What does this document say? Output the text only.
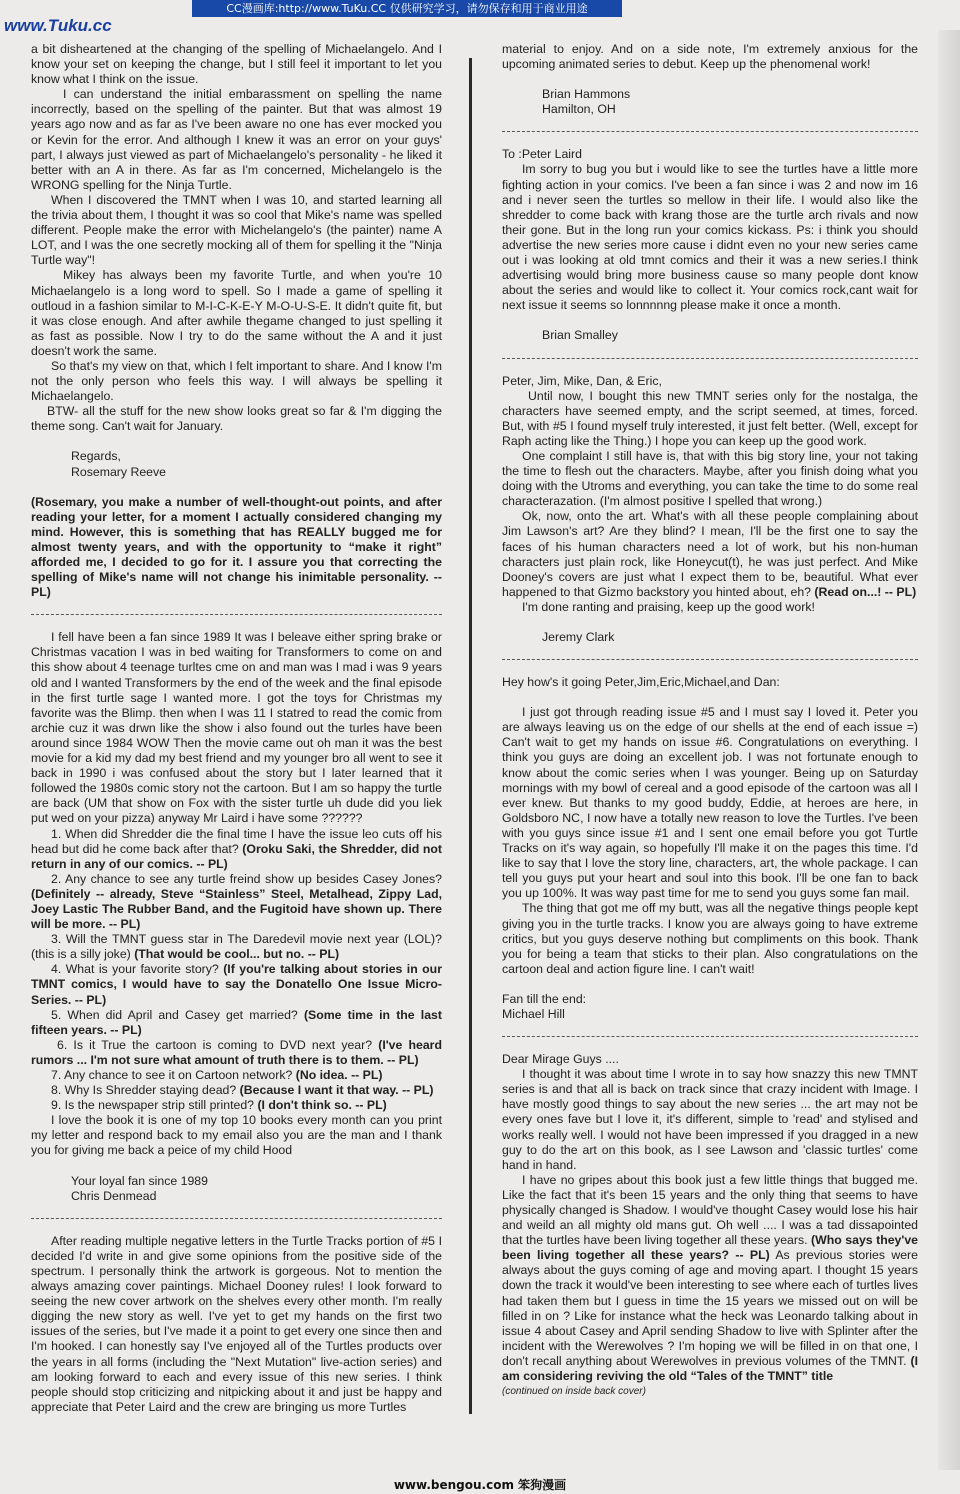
CC漫画库:http://www.TuKu.CC 仅供研究学习，请勿保存和用于商业用途
www.Tuku.cc

a bit disheartened at the changing of the spelling of Michaelangelo. And I know your set on keeping the change, but I still feel it important to let you know what I think on the issue.

I can understand the initial embarassment on spelling the name incorrectly, based on the spelling of the painter. But that was almost 19 years ago now and as far as I've been aware no one has ever mocked you or Kevin for the error. And although I knew it was an error on your guys' part, I always just viewed as part of Michaelangelo's personality - he liked it better with an A in there. As far as I'm concerned, Michelangelo is the WRONG spelling for the Ninja Turtle.

When I discovered the TMNT when I was 10, and started learning all the trivia about them, I thought it was so cool that Mike's name was spelled different. People make the error with Michelangelo's (the painter) name A LOT, and I was the one secretly mocking all of them for spelling it the "Ninja Turtle way"!

Mikey has always been my favorite Turtle, and when you're 10 Michaelangelo is a long word to spell. So I made a game of spelling it outloud in a fashion similar to M-I-C-K-E-Y M-O-U-S-E. It didn't quite fit, but it was close enough. And after awhile thegame changed to just spelling it as fast as possible. Now I try to do the same without the A and it just doesn't work the same.

So that's my view on that, which I felt important to share. And I know I'm not the only person who feels this way. I will always be spelling it Michaelangelo.

BTW- all the stuff for the new show looks great so far & I'm digging the theme song. Can't wait for January.

Regards,

Rosemary Reeve

(Rosemary, you make a number of well-thought-out points, and after reading your letter, for a moment I actually considered changing my mind. However, this is something that has REALLY bugged me for almost twenty years, and with the opportunity to “make it right” afforded me, I decided to go for it. I assure you that correcting the spelling of Mike's name will not change his inimitable personality. -- PL)

I fell have been a fan since 1989 It was I beleave either spring brake or Christmas vacation I was in bed waiting for Transformers to come on and this show about 4 teenage turltes cme on and man was I mad i was 9 years old and I wanted Transformers by the end of the week and the final episode in the first turtle sage I wanted more. I got the toys for Christmas my favorite was the Blimp. then when I was 11 I statred to read the comic from archie cuz it was drwn like the show i also found out the turles have been around since 1984 WOW Then the movie came out oh man it was the best movie for a kid my dad my best friend and my younger bro all went to see it back in 1990 i was confused about the story but I later learned that it followed the 1980s comic story not the cartoon. But I am so happy the turtle are back (UM that show on Fox with the sister turtle uh dude did you liek put wed on your pizza) anyway Mr Laird i have some ??????

1. When did Shredder die the final time I have the issue leo cuts off his head but did he come back after that? (Oroku Saki, the Shredder, did not return in any of our comics. -- PL)

2. Any chance to see any turtle freind show up besides Casey Jones? (Definitely -- already, Steve “Stainless” Steel, Metalhead, Zippy Lad, Joey Lastic The Rubber Band, and the Fugitoid have shown up. There will be more. -- PL)

3. Will the TMNT guess star in The Daredevil movie next year (LOL)? (this is a silly joke) (That would be cool... but no. -- PL)

4. What is your favorite story? (If you're talking about stories in our TMNT comics, I would have to say the Donatello One Issue Micro-Series. -- PL)

5. When did April and Casey get married? (Some time in the last fifteen years. -- PL)

6. Is it True the cartoon is coming to DVD next year? (I've heard rumors ... I'm not sure what amount of truth there is to them. -- PL)

7. Any chance to see it on Cartoon network? (No idea. -- PL)

8. Why Is Shredder staying dead? (Because I want it that way. -- PL)

9. Is the newspaper strip still printed? (I don't think so. -- PL)

I love the book it is one of my top 10 books every month can you print my letter and respond back to my email also you are the man and I thank you for giving me back a peice of my child Hood

Your loyal fan since 1989

Chris Denmead

After reading multiple negative letters in the Turtle Tracks portion of #5 I decided I'd write in and give some opinions from the positive side of the spectrum. I personally think the artwork is gorgeous. Not to mention the always amazing cover paintings. Michael Dooney rules! I look forward to seeing the new cover artwork on the shelves every other month. I'm really digging the new story as well. I've yet to get my hands on the first two issues of the series, but I've made it a point to get every one since then and I'm hooked. I can honestly say I've enjoyed all of the Turtles products over the years in all forms (including the "Next Mutation" live-action series) and am looking forward to each and every issue of this new series. I think people should stop criticizing and nitpicking about it and just be happy and appreciate that Peter Laird and the crew are bringing us more Turtles

material to enjoy. And on a side note, I'm extremely anxious for the upcoming animated series to debut. Keep up the phenomenal work!

Brian Hammons

Hamilton, OH

To :Peter Laird

Im sorry to bug you but i would like to see the turtles have a little more fighting action in your comics. I've been a fan since i was 2 and now im 16 and i never seen the turtles so mellow in their life. I would also like the shredder to come back with krang those are the turtle arch rivals and now their gone. But in the long run your comics kickass. Ps: i think you should advertise the new series more cause i didnt even no your new series came out i was looking at old tmnt comics and their it was a new series.I think advertising would bring more business cause so many people dont know about the series and would like to collect it. Your comics rock,cant wait for next issue it seems so lonnnnng please make it once a month.

Brian Smalley

Peter, Jim, Mike, Dan, & Eric,

Until now, I bought this new TMNT series only for the nostalga, the characters have seemed empty, and the script seemed, at times, forced. But, with #5 I found myself truly interested, it just felt better. (Well, except for Raph acting like the Thing.) I hope you can keep up the good work.

One complaint I still have is, that with this big story line, your not taking the time to flesh out the characters. Maybe, after you finish doing what you doing with the Utroms and everything, you can take the time to do some real characterazation. (I'm almost positive I spelled that wrong.)

Ok, now, onto the art. What's with all these people complaining about Jim Lawson's art? Are they blind? I mean, I'll be the first one to say the faces of his human characters need a lot of work, but his non-human characters just plain rock, like Honeycut(t), he was just perfect. And Mike Dooney's covers are just what I expect them to be, beautiful. What ever happened to that Gizmo backstory you hinted about, eh? (Read on...! -- PL)

I'm done ranting and praising, keep up the good work!

Jeremy Clark

Hey how's it going Peter,Jim,Eric,Michael,and Dan:

I just got through reading issue #5 and I must say I loved it. Peter you are always leaving us on the edge of our shells at the end of each issue =) Can't wait to get my hands on issue #6. Congratulations on everything. I think you guys are doing an excellent job. I was not fortunate enough to know about the comic series when I was younger. Being up on Saturday mornings with my bowl of cereal and a good episode of the cartoon was all I ever knew. But thanks to my good buddy, Eddie, at heroes are here, in Goldsboro NC, I now have a totally new reason to love the Turtles. I've been with you guys since issue #1 and I sent one email before you got Turtle Tracks on it's way again, so hopefully I'll make it on the pages this time. I'd like to say that I love the story line, characters, art, the whole package. I can tell you guys put your heart and soul into this book. I'll be one fan to back you up 100%. It was way past time for me to send you guys some fan mail.

The thing that got me off my butt, was all the negative things people kept giving you in the turtle tracks. I know you are always going to have extreme critics, but you guys deserve nothing but compliments on this book. Thank you for being a team that sticks to their plan. Also congratulations on the cartoon deal and action figure line. I can't wait!

Fan till the end:

Michael Hill

Dear Mirage Guys ....

I thought it was about time I wrote in to say how snazzy this new TMNT series is and that all is back on track since that crazy incident with Image. I have mostly good things to say about the new series ... the art may not be every ones fave but I love it, it's different, simple to 'read' and stylised and works really well. I would not have been impressed if you dragged in a new guy to do the art on this book, as I see Lawson and 'classic turtles' come hand in hand.

I have no gripes about this book just a few little things that bugged me. Like the fact that it's been 15 years and the only thing that seems to have physically changed is Shadow. I would've thought Casey would lose his hair and weild an all mighty old mans gut. Oh well .... I was a tad dissapointed that the turtles have been living together all these years. (Who says they've been living together all these years? -- PL) As previous stories were always about the guys coming of age and moving apart. I thought 15 years down the track it would've been interesting to see where each of turtles lives had taken them but I guess in time the 15 years we missed out on will be filled in on ? Like for instance what the heck was Leonardo talking about in issue 4 about Casey and April sending Shadow to live with Splinter after the incident with the Werewolves ? I'm hoping we will be filled in on that one, I don't recall anything about Werewolves in previous volumes of the TMNT. (I am considering reviving the old “Tales of the TMNT” title

(continued on inside back cover)

www.bengou.com 笨狗漫画
